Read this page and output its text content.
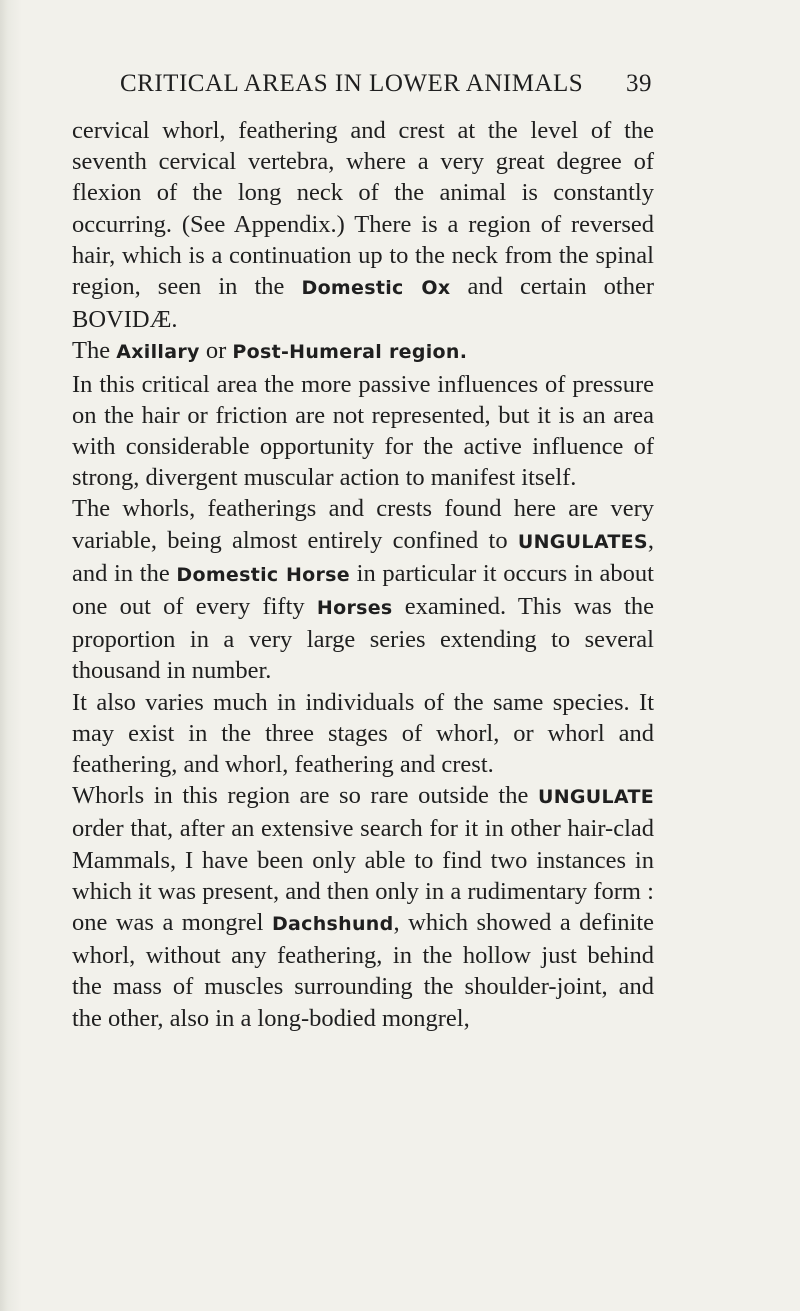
CRITICAL AREAS IN LOWER ANIMALS 39

cervical whorl, feathering and crest at the level of the seventh cervical vertebra, where a very great degree of flexion of the long neck of the animal is constantly occurring. (See Appendix.) There is a region of reversed hair, which is a continuation up to the neck from the spinal region, seen in the Domestic Ox and certain other BOVIDÆ.

The Axillary or Post-Humeral region.

In this critical area the more passive influences of pressure on the hair or friction are not represented, but it is an area with considerable opportunity for the active influence of strong, divergent muscular action to manifest itself.

The whorls, featherings and crests found here are very variable, being almost entirely confined to UNGULATES, and in the Domestic Horse in particular it occurs in about one out of every fifty Horses examined. This was the proportion in a very large series extending to several thousand in number.

It also varies much in individuals of the same species. It may exist in the three stages of whorl, or whorl and feathering, and whorl, feathering and crest.

Whorls in this region are so rare outside the UNGULATE order that, after an extensive search for it in other hair-clad Mammals, I have been only able to find two instances in which it was present, and then only in a rudimentary form : one was a mongrel Dachshund, which showed a definite whorl, without any feathering, in the hollow just behind the mass of muscles surrounding the shoulder-joint, and the other, also in a long-bodied mongrel,
